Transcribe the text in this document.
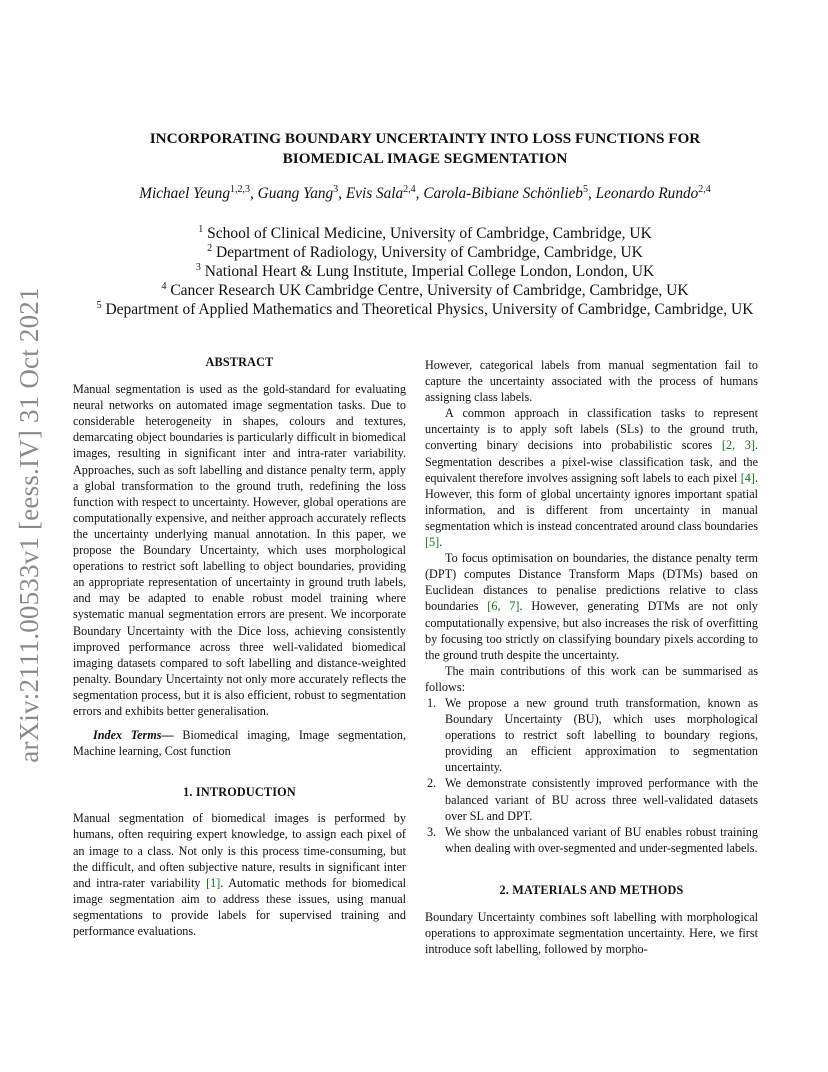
arXiv:2111.00533v1 [eess.IV] 31 Oct 2021
INCORPORATING BOUNDARY UNCERTAINTY INTO LOSS FUNCTIONS FOR
BIOMEDICAL IMAGE SEGMENTATION
Michael Yeung$^{1,2,3}$, Guang Yang$^3$, Evis Sala$^{2,4}$, Carola-Bibiane Schönlieb$^5$, Leonardo Rundo$^{2,4}$
$^1$ School of Clinical Medicine, University of Cambridge, Cambridge, UK
$^2$ Department of Radiology, University of Cambridge, Cambridge, UK
$^3$ National Heart & Lung Institute, Imperial College London, London, UK
$^4$ Cancer Research UK Cambridge Centre, University of Cambridge, Cambridge, UK
$^5$ Department of Applied Mathematics and Theoretical Physics, University of Cambridge, Cambridge, UK
ABSTRACT

Manual segmentation is used as the gold-standard for evaluating neural networks on automated image segmentation tasks. Due to considerable heterogeneity in shapes, colours and textures, demarcating object boundaries is particularly difficult in biomedical images, resulting in significant inter and intra-rater variability. Approaches, such as soft labelling and distance penalty term, apply a global transformation to the ground truth, redefining the loss function with respect to uncertainty. However, global operations are computationally expensive, and neither approach accurately reflects the uncertainty underlying manual annotation. In this paper, we propose the Boundary Uncertainty, which uses morphological operations to restrict soft labelling to object boundaries, providing an appropriate representation of uncertainty in ground truth labels, and may be adapted to enable robust model training where systematic manual segmentation errors are present. We incorporate Boundary Uncertainty with the Dice loss, achieving consistently improved performance across three well-validated biomedical imaging datasets compared to soft labelling and distance-weighted penalty. Boundary Uncertainty not only more accurately reflects the segmentation process, but it is also efficient, robust to segmentation errors and exhibits better generalisation.

Index Terms— Biomedical imaging, Image segmentation, Machine learning, Cost function

1. INTRODUCTION

Manual segmentation of biomedical images is performed by humans, often requiring expert knowledge, to assign each pixel of an image to a class. Not only is this process time-consuming, but the difficult, and often subjective nature, results in significant inter and intra-rater variability [1]. Automatic methods for biomedical image segmentation aim to address these issues, using manual segmentations to provide labels for supervised training and performance evaluations.

However, categorical labels from manual segmentation fail to capture the uncertainty associated with the process of humans assigning class labels.

A common approach in classification tasks to represent uncertainty is to apply soft labels (SLs) to the ground truth, converting binary decisions into probabilistic scores [2, 3]. Segmentation describes a pixel-wise classification task, and the equivalent therefore involves assigning soft labels to each pixel [4]. However, this form of global uncertainty ignores important spatial information, and is different from uncertainty in manual segmentation which is instead concentrated around class boundaries [5].

To focus optimisation on boundaries, the distance penalty term (DPT) computes Distance Transform Maps (DTMs) based on Euclidean distances to penalise predictions relative to class boundaries [6, 7]. However, generating DTMs are not only computationally expensive, but also increases the risk of overfitting by focusing too strictly on classifying boundary pixels according to the ground truth despite the uncertainty.

The main contributions of this work can be summarised as follows:

1. We propose a new ground truth transformation, known as Boundary Uncertainty (BU), which uses morphological operations to restrict soft labelling to boundary regions, providing an efficient approximation to segmentation uncertainty.
2. We demonstrate consistently improved performance with the balanced variant of BU across three well-validated datasets over SL and DPT.
3. We show the unbalanced variant of BU enables robust training when dealing with over-segmented and under-segmented labels.
2. MATERIALS AND METHODS

Boundary Uncertainty combines soft labelling with morphological operations to approximate segmentation uncertainty. Here, we first introduce soft labelling, followed by morpho-
